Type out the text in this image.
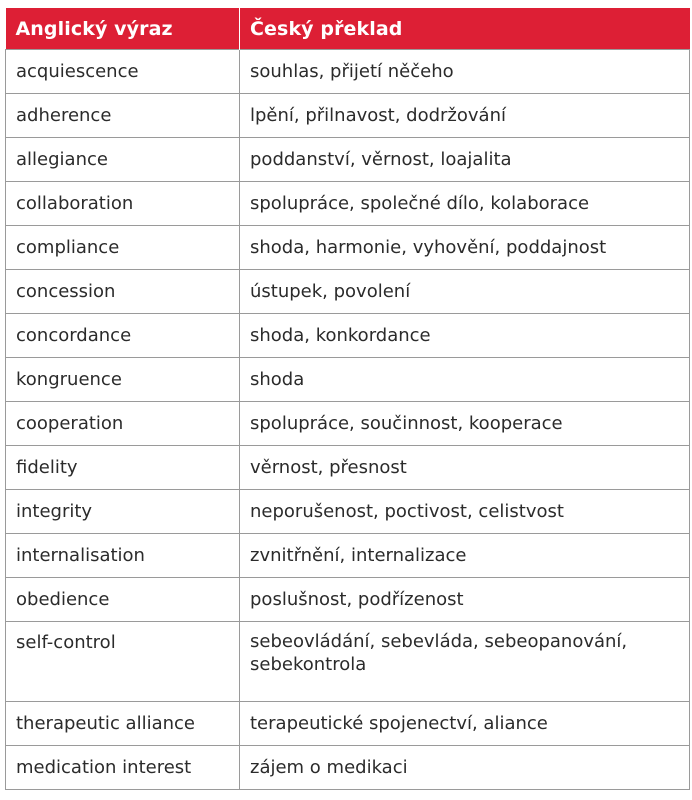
Anglický výraz	Český překlad
acquiescence	souhlas, přijetí něčeho
adherence	lpění, přilnavost, dodržování
allegiance	poddanství, věrnost, loajalita
collaboration	spolupráce, společné dílo, kolaborace
compliance	shoda, harmonie, vyhovění, poddajnost
concession	ústupek, povolení
concordance	shoda, konkordance
kongruence	shoda
cooperation	spolupráce, součinnost, kooperace
fidelity	věrnost, přesnost
integrity	neporušenost, poctivost, celistvost
internalisation	zvnitřnění, internalizace
obedience	poslušnost, podřízenost
self-control	sebeovládání, sebevláda, sebeopanování, sebekontrola
therapeutic alliance	terapeutické spojenectví, aliance
medication interest	zájem o medikaci
